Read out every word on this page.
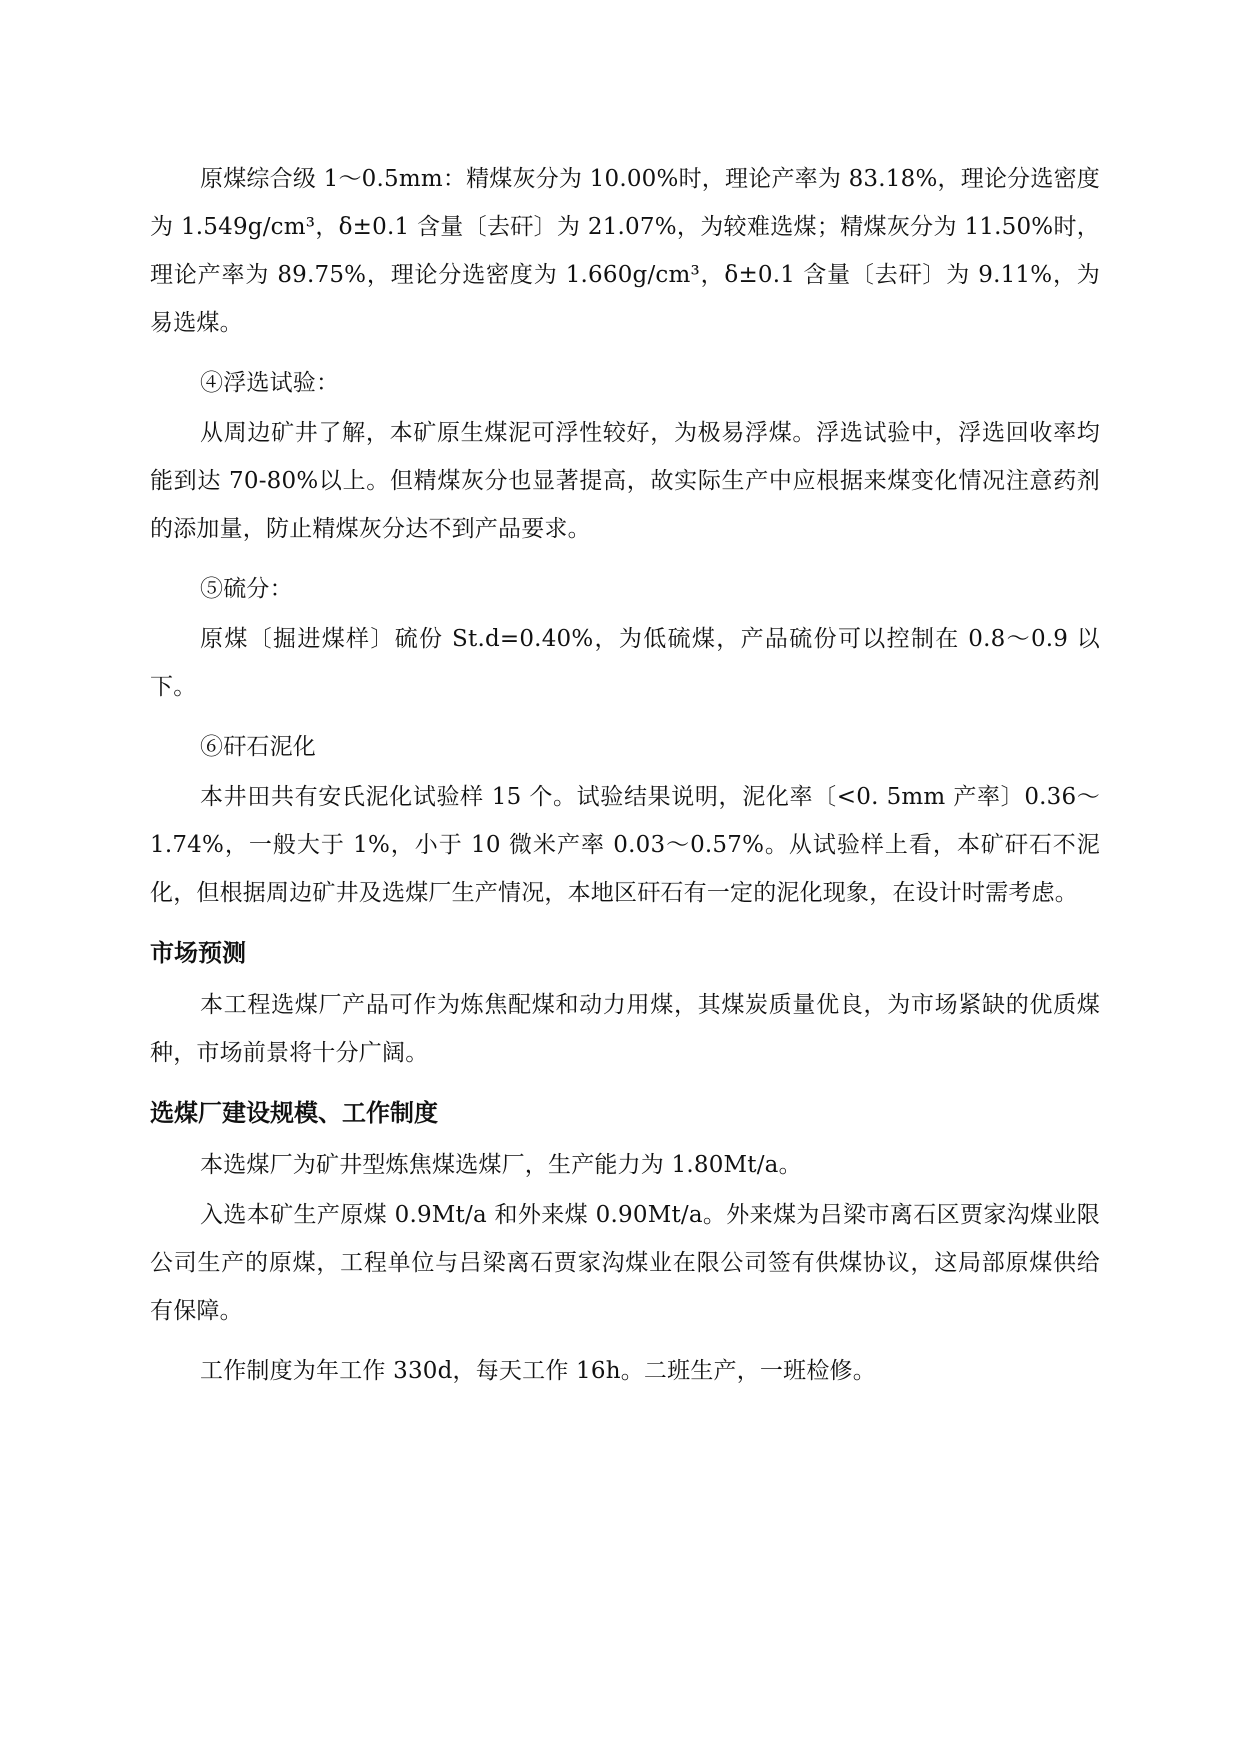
原煤综合级 1～0.5mm：精煤灰分为 10.00%时，理论产率为 83.18%，理论分选密度为 1.549g/cm³，δ±0.1 含量〔去矸〕为 21.07%，为较难选煤；精煤灰分为 11.50%时，理论产率为 89.75%，理论分选密度为 1.660g/cm³，δ±0.1 含量〔去矸〕为 9.11%，为易选煤。

④浮选试验：

从周边矿井了解，本矿原生煤泥可浮性较好，为极易浮煤。浮选试验中，浮选回收率均能到达 70-80%以上。但精煤灰分也显著提高，故实际生产中应根据来煤变化情况注意药剂的添加量，防止精煤灰分达不到产品要求。

⑤硫分：

原煤〔掘进煤样〕硫份 St.d=0.40%，为低硫煤，产品硫份可以控制在 0.8～0.9 以下。

⑥矸石泥化

本井田共有安氏泥化试验样 15 个。试验结果说明，泥化率〔<0. 5mm 产率〕0.36～1.74%，一般大于 1%，小于 10 微米产率 0.03～0.57%。从试验样上看，本矿矸石不泥化，但根据周边矿井及选煤厂生产情况，本地区矸石有一定的泥化现象，在设计时需考虑。

市场预测

本工程选煤厂产品可作为炼焦配煤和动力用煤，其煤炭质量优良，为市场紧缺的优质煤种，市场前景将十分广阔。

选煤厂建设规模、工作制度

本选煤厂为矿井型炼焦煤选煤厂，生产能力为 1.80Mt/a。

入选本矿生产原煤 0.9Mt/a 和外来煤 0.90Mt/a。外来煤为吕梁市离石区贾家沟煤业限公司生产的原煤，工程单位与吕梁离石贾家沟煤业在限公司签有供煤协议，这局部原煤供给有保障。

工作制度为年工作 330d，每天工作 16h。二班生产，一班检修。
